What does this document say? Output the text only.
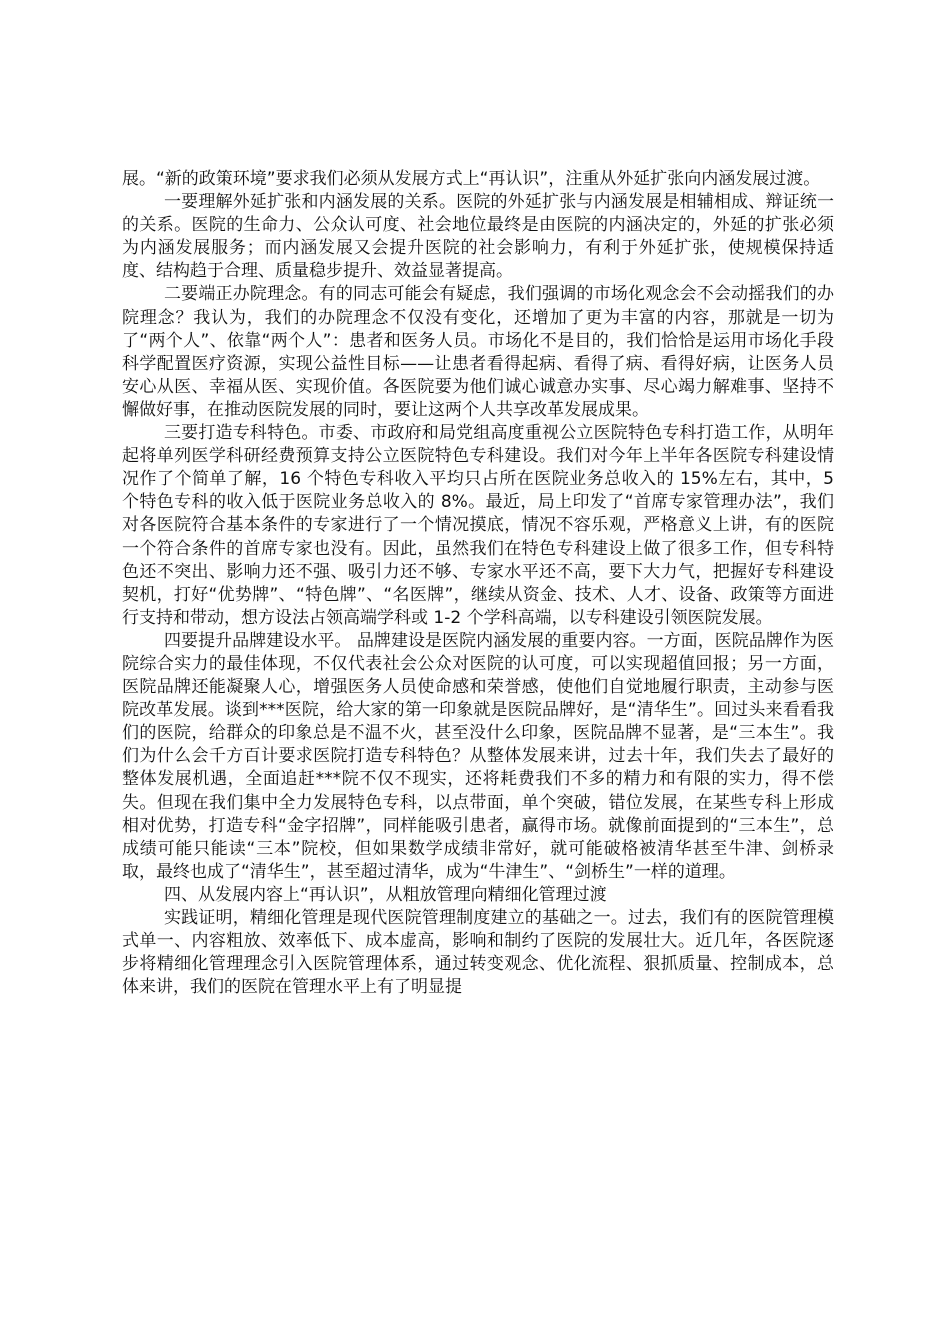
展。“新的政策环境”要求我们必须从发展方式上“再认识”，注重从外延扩张向内涵发展过渡。

一要理解外延扩张和内涵发展的关系。医院的外延扩张与内涵发展是相辅相成、辩证统一的关系。医院的生命力、公众认可度、社会地位最终是由医院的内涵决定的，外延的扩张必须为内涵发展服务；而内涵发展又会提升医院的社会影响力，有利于外延扩张，使规模保持适度、结构趋于合理、质量稳步提升、效益显著提高。

二要端正办院理念。有的同志可能会有疑虑，我们强调的市场化观念会不会动摇我们的办院理念？我认为，我们的办院理念不仅没有变化，还增加了更为丰富的内容，那就是一切为了“两个人”、依靠“两个人”：患者和医务人员。市场化不是目的，我们恰恰是运用市场化手段科学配置医疗资源，实现公益性目标——让患者看得起病、看得了病、看得好病，让医务人员安心从医、幸福从医、实现价值。各医院要为他们诚心诚意办实事、尽心竭力解难事、坚持不懈做好事，在推动医院发展的同时，要让这两个人共享改革发展成果。

三要打造专科特色。市委、市政府和局党组高度重视公立医院特色专科打造工作，从明年起将单列医学科研经费预算支持公立医院特色专科建设。我们对今年上半年各医院专科建设情况作了个简单了解，16 个特色专科收入平均只占所在医院业务总收入的 15%左右，其中，5 个特色专科的收入低于医院业务总收入的 8%。最近，局上印发了“首席专家管理办法”，我们对各医院符合基本条件的专家进行了一个情况摸底，情况不容乐观，严格意义上讲，有的医院一个符合条件的首席专家也没有。因此，虽然我们在特色专科建设上做了很多工作，但专科特色还不突出、影响力还不强、吸引力还不够、专家水平还不高，要下大力气，把握好专科建设契机，打好“优势牌”、“特色牌”、“名医牌”，继续从资金、技术、人才、设备、政策等方面进行支持和带动，想方设法占领高端学科或 1-2 个学科高端，以专科建设引领医院发展。

四要提升品牌建设水平。 品牌建设是医院内涵发展的重要内容。一方面，医院品牌作为医院综合实力的最佳体现，不仅代表社会公众对医院的认可度，可以实现超值回报；另一方面，医院品牌还能凝聚人心，增强医务人员使命感和荣誉感，使他们自觉地履行职责，主动参与医院改革发展。谈到***医院，给大家的第一印象就是医院品牌好，是“清华生”。回过头来看看我们的医院，给群众的印象总是不温不火，甚至没什么印象，医院品牌不显著，是“三本生”。我们为什么会千方百计要求医院打造专科特色？从整体发展来讲，过去十年，我们失去了最好的整体发展机遇，全面追赶***院不仅不现实，还将耗费我们不多的精力和有限的实力，得不偿失。但现在我们集中全力发展特色专科，以点带面，单个突破，错位发展，在某些专科上形成相对优势，打造专科“金字招牌”，同样能吸引患者，赢得市场。就像前面提到的“三本生”，总成绩可能只能读“三本”院校，但如果数学成绩非常好，就可能破格被清华甚至牛津、剑桥录取，最终也成了“清华生”，甚至超过清华，成为“牛津生”、“剑桥生”一样的道理。

四、从发展内容上“再认识”，从粗放管理向精细化管理过渡

实践证明，精细化管理是现代医院管理制度建立的基础之一。过去，我们有的医院管理模式单一、内容粗放、效率低下、成本虚高，影响和制约了医院的发展壮大。近几年，各医院逐步将精细化管理理念引入医院管理体系，通过转变观念、优化流程、狠抓质量、控制成本，总体来讲，我们的医院在管理水平上有了明显提
